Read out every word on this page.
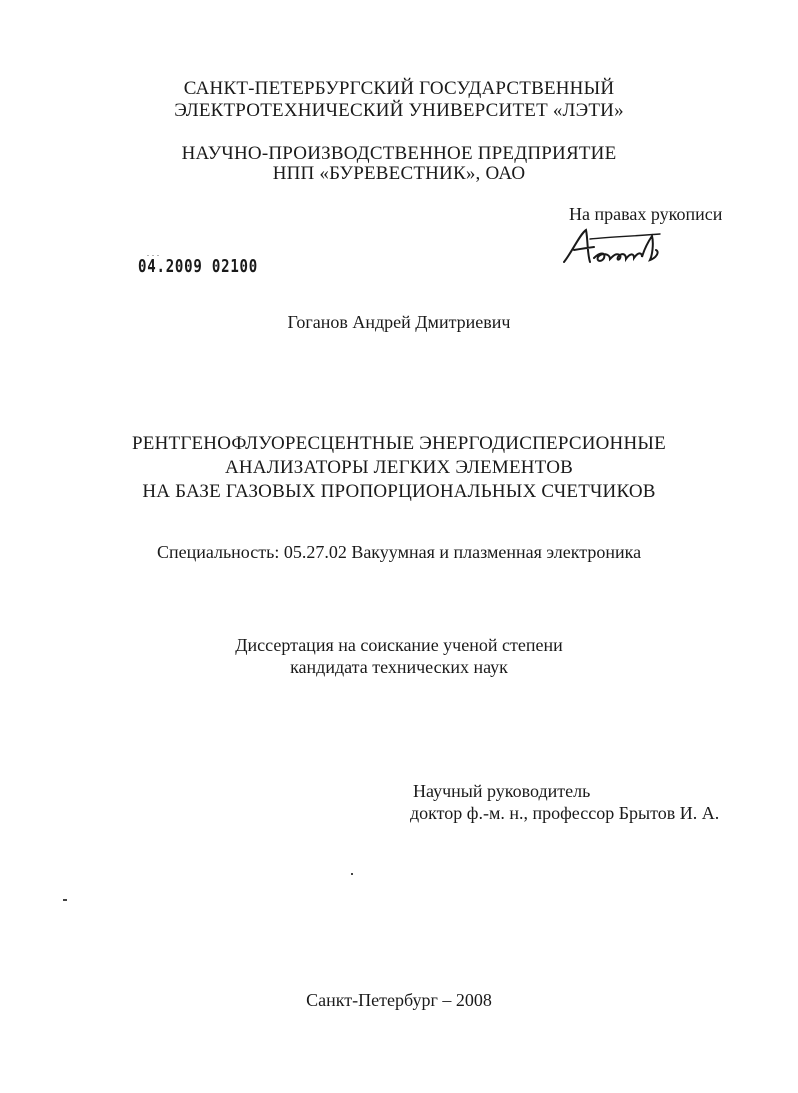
САНКТ-ПЕТЕРБУРГСКИЙ ГОСУДАРСТВЕННЫЙ
ЭЛЕКТРОТЕХНИЧЕСКИЙ УНИВЕРСИТЕТ «ЛЭТИ»
НАУЧНО-ПРОИЗВОДСТВЕННОЕ ПРЕДПРИЯТИЕ
НПП «БУРЕВЕСТНИК», ОАО
На правах рукописи
...
04.2009 02100
Гоганов Андрей Дмитриевич
РЕНТГЕНОФЛУОРЕСЦЕНТНЫЕ ЭНЕРГОДИСПЕРСИОННЫЕ
АНАЛИЗАТОРЫ ЛЕГКИХ ЭЛЕМЕНТОВ
НА БАЗЕ ГАЗОВЫХ ПРОПОРЦИОНАЛЬНЫХ СЧЕТЧИКОВ
Специальность: 05.27.02 Вакуумная и плазменная электроника
Диссертация на соискание ученой степени
кандидата технических наук
Научный руководитель
доктор ф.-м. н., профессор Брытов И. А.
Санкт-Петербург – 2008
